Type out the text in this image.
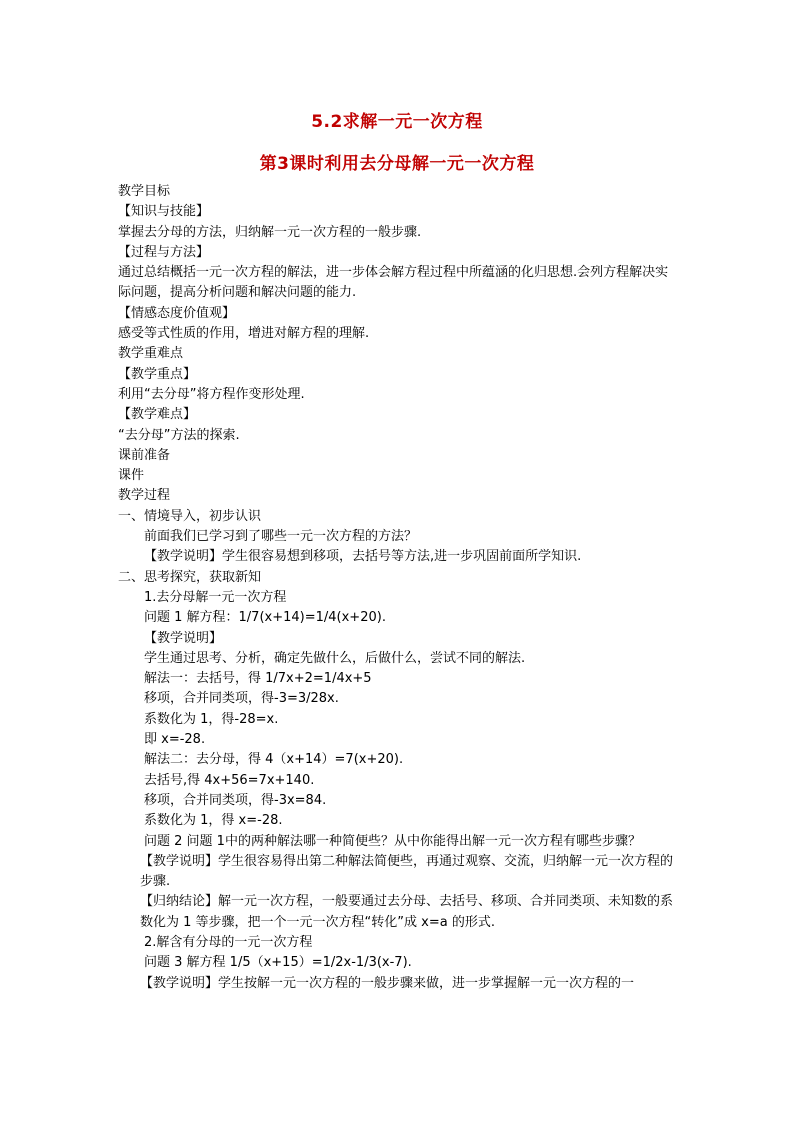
5.2求解一元一次方程
第3课时利用去分母解一元一次方程

教学目标

【知识与技能】

掌握去分母的方法，归纳解一元一次方程的一般步骤.

【过程与方法】

通过总结概括一元一次方程的解法，进一步体会解方程过程中所蕴涵的化归思想.会列方程解决实际问题，提高分析问题和解决问题的能力.

【情感态度价值观】

感受等式性质的作用，增进对解方程的理解.

教学重难点

【教学重点】

利用“去分母”将方程作变形处理.

【教学难点】

“去分母”方法的探索.

课前准备

课件

教学过程

一、情境导入，初步认识

前面我们已学习到了哪些一元一次方程的方法？

【教学说明】学生很容易想到移项，去括号等方法,进一步巩固前面所学知识.

二、思考探究，获取新知

1.去分母解一元一次方程

问题 1 解方程：1/7(x+14)=1/4(x+20).

【教学说明】

学生通过思考、分析，确定先做什么，后做什么，尝试不同的解法.

解法一：去括号，得 1/7x+2=1/4x+5

移项，合并同类项，得-3=3/28x.

系数化为 1，得-28=x.

即 x=-28.

解法二：去分母，得 4（x+14）=7(x+20).

去括号,得 4x+56=7x+140.

移项，合并同类项，得-3x=84.

系数化为 1，得 x=-28.

问题 2 问题 1中的两种解法哪一种简便些？从中你能得出解一元一次方程有哪些步骤？

【教学说明】学生很容易得出第二种解法简便些，再通过观察、交流，归纳解一元一次方程的步骤.

【归纳结论】解一元一次方程，一般要通过去分母、去括号、移项、合并同类项、未知数的系数化为 1 等步骤，把一个一元一次方程“转化”成 x=a 的形式.

2.解含有分母的一元一次方程

问题 3 解方程 1/5（x+15）=1/2x-1/3(x-7).

【教学说明】学生按解一元一次方程的一般步骤来做，进一步掌握解一元一次方程的一
